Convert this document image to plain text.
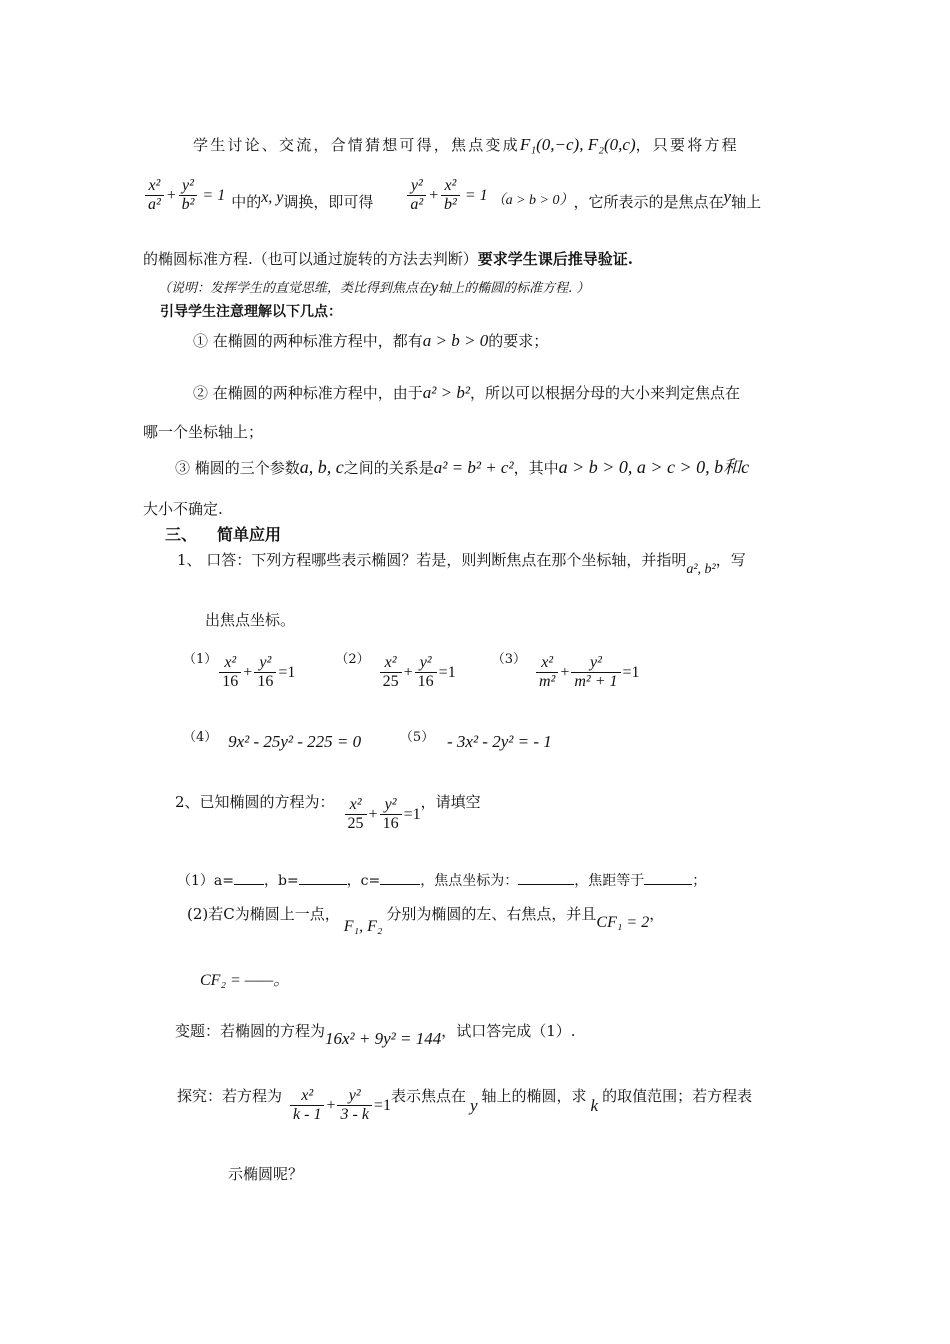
学生讨论、交流，合情猜想可得，焦点变成F₁(0,−c), F₂(0,c)，只要将方程
$\frac{\text{x²}}{\text{a²}} + \frac{\text{y²}}{\text{b²}} = 1$ 中的 x, y 调换，即可得 $\frac{\text{y²}}{\text{a²}} + \frac{\text{x²}}{\text{b²}} = 1$ （a > b > 0） ，它所表示的是焦点在 y 轴上
的椭圆标准方程.（也可以通过旋转的方法去判断）要求学生课后推导验证.
（说明：发挥学生的直觉思维，类比得到焦点在y轴上的椭圆的标准方程. ）
引导学生注意理解以下几点：
① 在椭圆的两种标准方程中，都有a > b > 0的要求；
② 在椭圆的两种标准方程中，由于a² > b²，所以可以根据分母的大小来判定焦点在
哪一个坐标轴上；
③ 椭圆的三个参数a, b, c之间的关系是a² = b² + c²，其中a > b > 0, a > c > 0, b和c
大小不确定.
三、 简单应用
1、 口答：下列方程哪些表示椭圆？若是，则判断焦点在那个坐标轴，并指明a², b²，写
出焦点坐标。
$(1) \frac{\text{x²}}{16} + \frac{\text{y²}}{16} = 1$
$(2) \frac{\text{x²}}{25} + \frac{\text{y²}}{16} = 1$
$(3) \frac{\text{x²}}{\text{m²}} + \frac{\text{y²}}{\text{m² + 1}} = 1$
（4） 9x² - 25y² - 225 = 0	（5） - 3x² - 2y² = - 1
2、已知椭圆的方程为： $\frac{\text{x²}}{25} + \frac{\text{y²}}{16} = 1$
，请填空
（1）a= ，b=	，c=	，焦点坐标为：	，焦距等于	；
(2)若C为椭圆上一点，F₁, F₂分别为椭圆的左、右焦点，并且CF₁ = 2，
CF₂ = ——。
变题：若椭圆的方程为16x² + 9y² = 144，试口答完成（1）.
探究：若方程为 $\frac{\text{x²}}{k - 1} + \frac{\text{y²}}{3 - k} = 1$ 表示焦点在 y 轴上的椭圆，求 k 的取值范围；若方程表
示椭圆呢？
